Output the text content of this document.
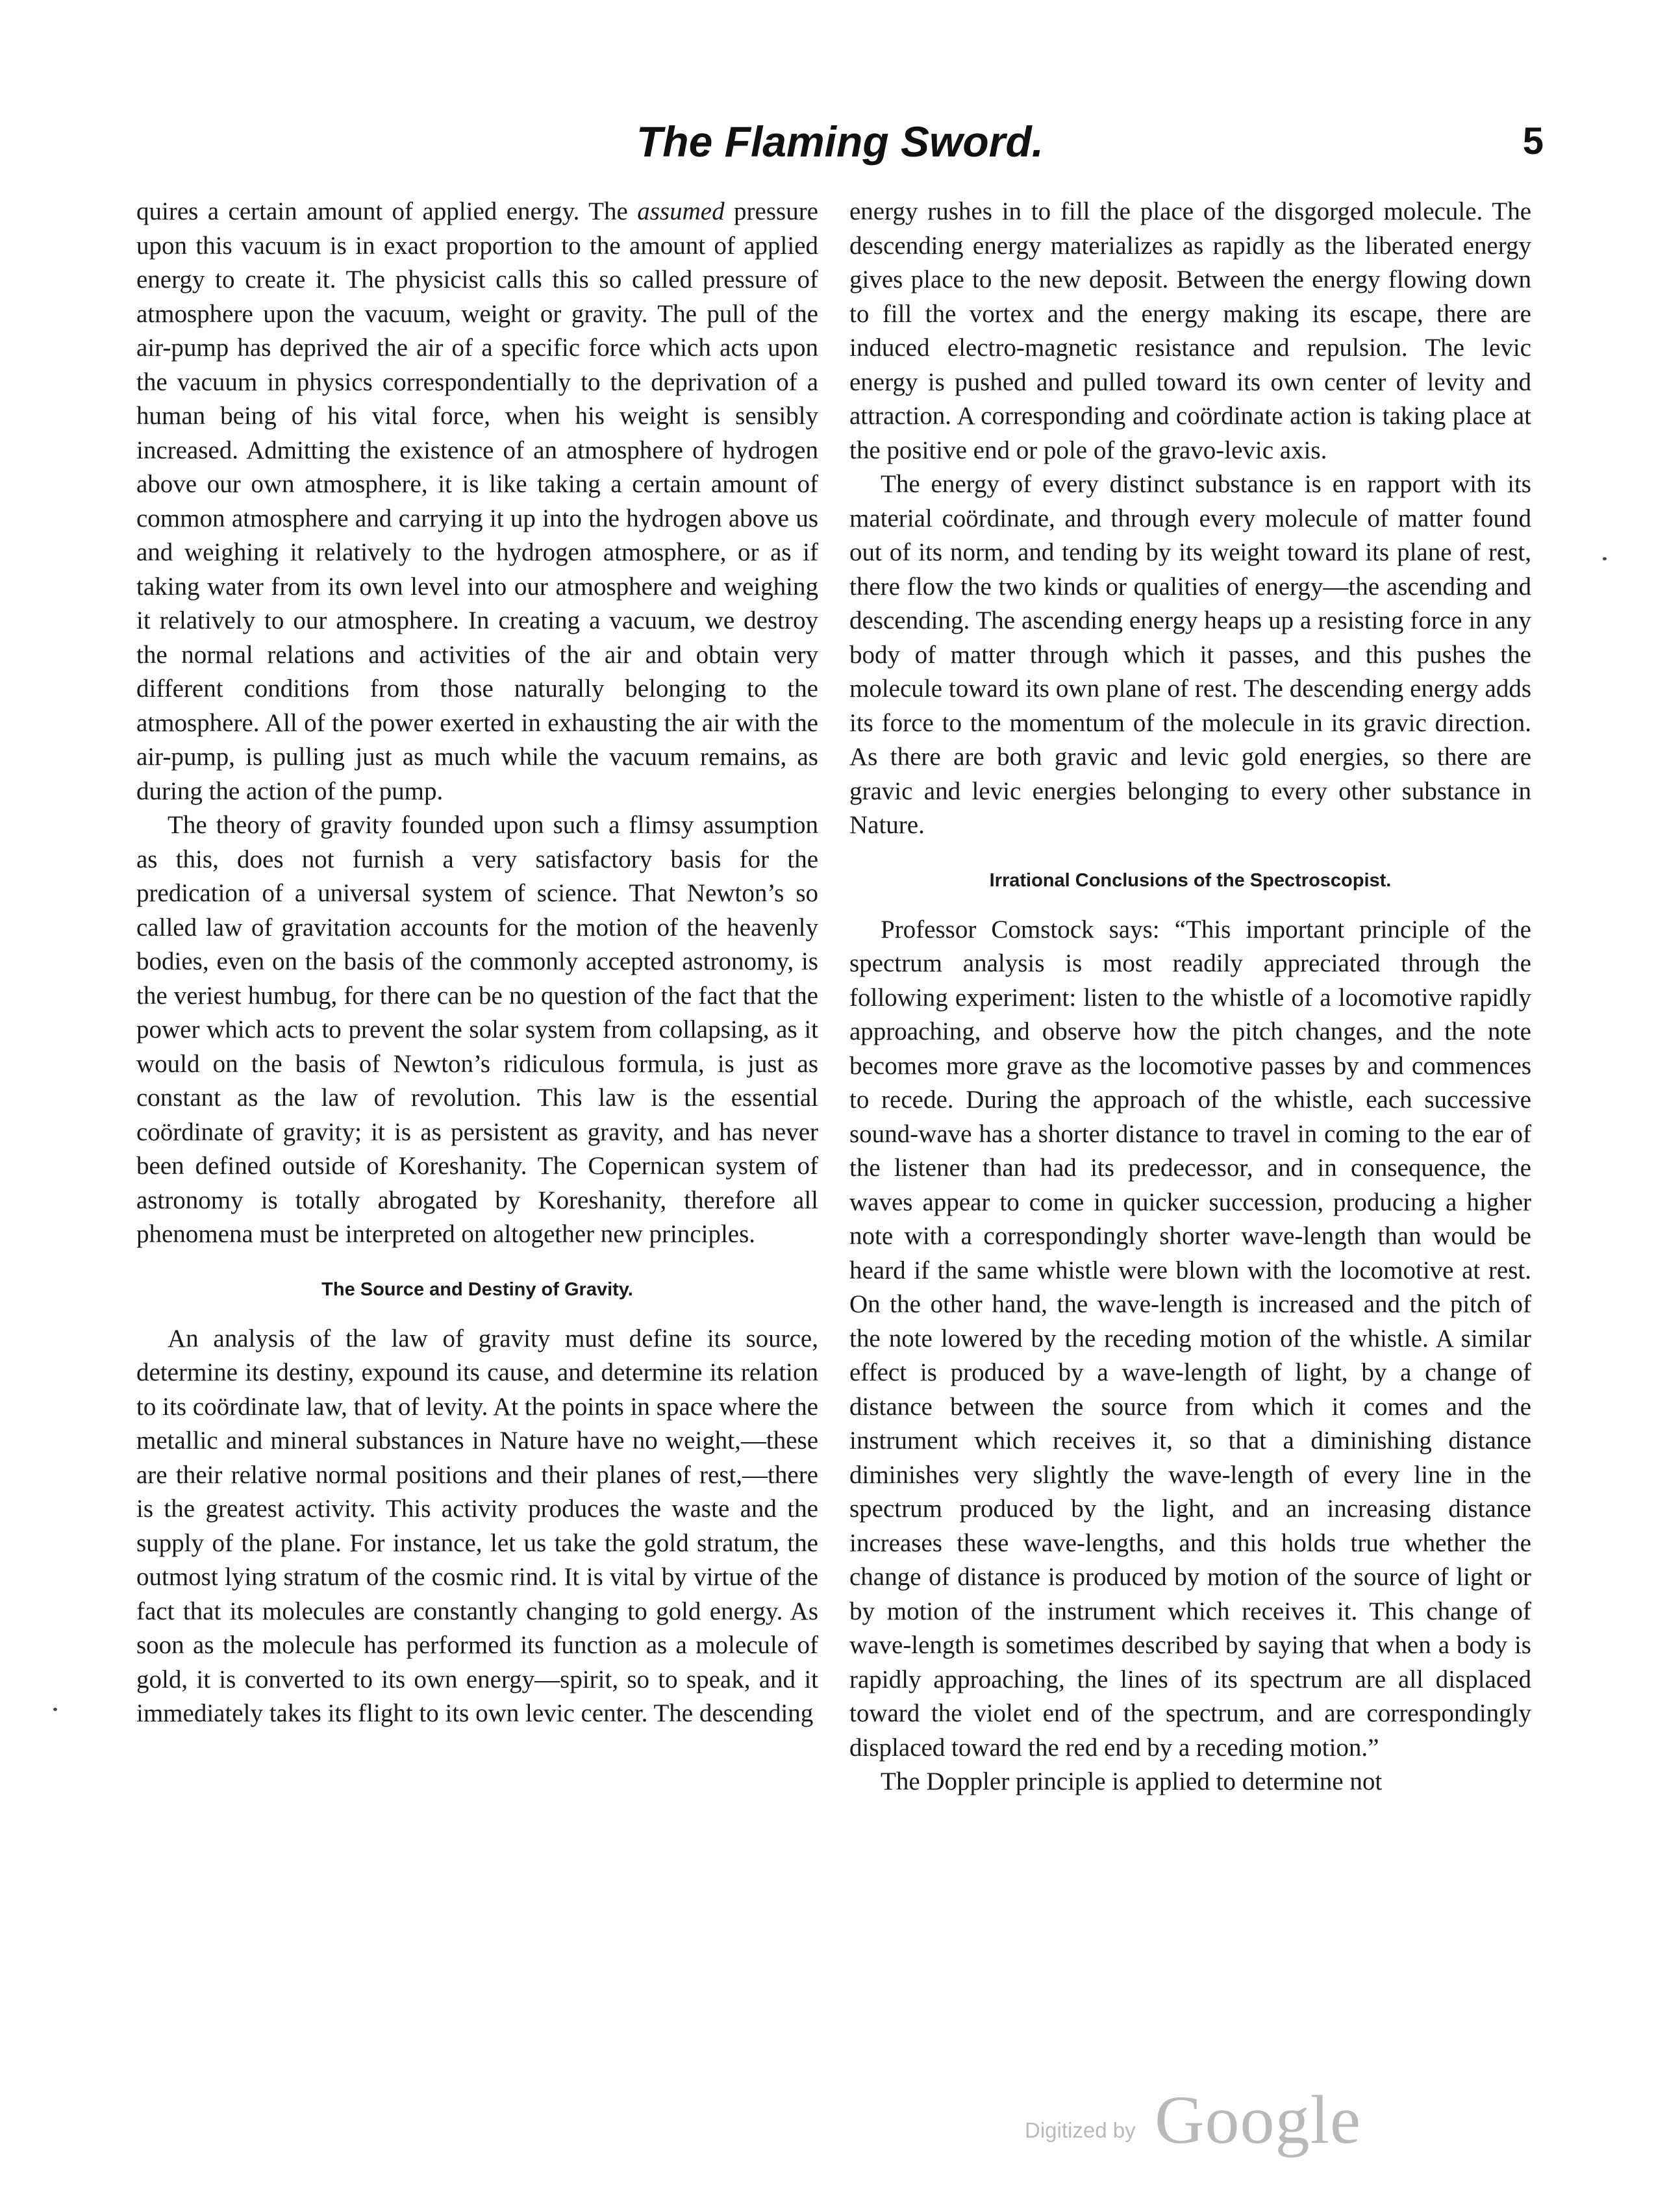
The Flaming Sword.	5

quires a certain amount of applied energy. The assumed pressure upon this vacuum is in exact proportion to the amount of applied energy to create it. The physicist calls this so called pressure of atmosphere upon the vacuum, weight or gravity. The pull of the air-pump has deprived the air of a specific force which acts upon the vacuum in physics correspondentially to the deprivation of a human being of his vital force, when his weight is sensibly increased. Admitting the existence of an atmosphere of hydrogen above our own atmosphere, it is like taking a certain amount of common atmosphere and carrying it up into the hydrogen above us and weighing it relatively to the hydrogen atmosphere, or as if taking water from its own level into our atmosphere and weighing it relatively to our atmosphere. In creating a vacuum, we destroy the normal relations and activities of the air and obtain very different conditions from those naturally belonging to the atmosphere. All of the power exerted in exhausting the air with the air-pump, is pulling just as much while the vacuum remains, as during the action of the pump.

The theory of gravity founded upon such a flimsy assumption as this, does not furnish a very satisfactory basis for the predication of a universal system of science. That Newton’s so called law of gravitation accounts for the motion of the heavenly bodies, even on the basis of the commonly accepted astronomy, is the veriest humbug, for there can be no question of the fact that the power which acts to prevent the solar system from collapsing, as it would on the basis of Newton’s ridiculous formula, is just as constant as the law of revolution. This law is the essential coördinate of gravity; it is as persistent as gravity, and has never been defined outside of Koreshanity. The Copernican system of astronomy is totally abrogated by Koreshanity, therefore all phenomena must be interpreted on altogether new principles.

The Source and Destiny of Gravity.

An analysis of the law of gravity must define its source, determine its destiny, expound its cause, and determine its relation to its coördinate law, that of levity. At the points in space where the metallic and mineral substances in Nature have no weight,—these are their relative normal positions and their planes of rest,—there is the greatest activity. This activity produces the waste and the supply of the plane. For instance, let us take the gold stratum, the outmost lying stratum of the cosmic rind. It is vital by virtue of the fact that its molecules are constantly changing to gold energy. As soon as the molecule has performed its function as a molecule of gold, it is converted to its own energy—spirit, so to speak, and it immediately takes its flight to its own levic center. The descending

energy rushes in to fill the place of the disgorged molecule. The descending energy materializes as rapidly as the liberated energy gives place to the new deposit. Between the energy flowing down to fill the vortex and the energy making its escape, there are induced electro-magnetic resistance and repulsion. The levic energy is pushed and pulled toward its own center of levity and attraction. A corresponding and coördinate action is taking place at the positive end or pole of the gravo-levic axis.

The energy of every distinct substance is en rapport with its material coördinate, and through every molecule of matter found out of its norm, and tending by its weight toward its plane of rest, there flow the two kinds or qualities of energy—the ascending and descending. The ascending energy heaps up a resisting force in any body of matter through which it passes, and this pushes the molecule toward its own plane of rest. The descending energy adds its force to the momentum of the molecule in its gravic direction. As there are both gravic and levic gold energies, so there are gravic and levic energies belonging to every other substance in Nature.

Irrational Conclusions of the Spectroscopist.

Professor Comstock says: “This important principle of the spectrum analysis is most readily appreciated through the following experiment: listen to the whistle of a locomotive rapidly approaching, and observe how the pitch changes, and the note becomes more grave as the locomotive passes by and commences to recede. During the approach of the whistle, each successive sound-wave has a shorter distance to travel in coming to the ear of the listener than had its predecessor, and in consequence, the waves appear to come in quicker succession, producing a higher note with a correspondingly shorter wave-length than would be heard if the same whistle were blown with the locomotive at rest. On the other hand, the wave-length is increased and the pitch of the note lowered by the receding motion of the whistle. A similar effect is produced by a wave-length of light, by a change of distance between the source from which it comes and the instrument which receives it, so that a diminishing distance diminishes very slightly the wave-length of every line in the spectrum produced by the light, and an increasing distance increases these wave-lengths, and this holds true whether the change of distance is produced by motion of the source of light or by motion of the instrument which receives it. This change of wave-length is sometimes described by saying that when a body is rapidly approaching, the lines of its spectrum are all displaced toward the violet end of the spectrum, and are correspondingly displaced toward the red end by a receding motion.”

The Doppler principle is applied to determine not

Digitized by Google
